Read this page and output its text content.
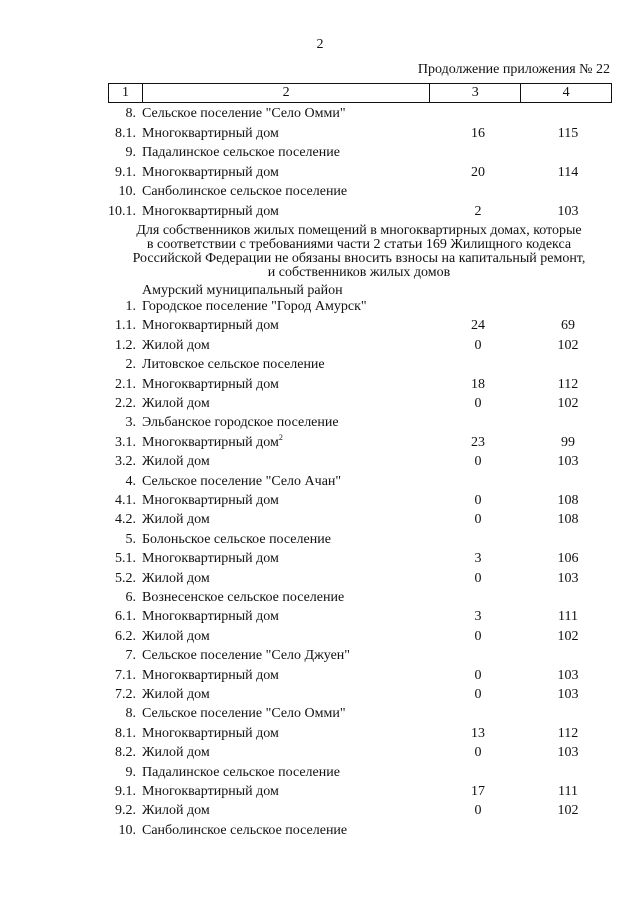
2
Продолжение приложения № 22
1	2	3	4
8. Сельское поселение "Село Омми"
8.1. Многоквартирный дом	16	115
9. Падалинское сельское поселение
9.1. Многоквартирный дом	20	114
10. Санболинское сельское поселение
10.1. Многоквартирный дом	2	103
Для собственников жилых помещений в многоквартирных домах, которые
в соответствии с требованиями части 2 статьи 169 Жилищного кодекса
Российской Федерации не обязаны вносить взносы на капитальный ремонт,
и собственников жилых домов
Амурский муниципальный район
1. Городское поселение "Город Амурск"
1.1. Многоквартирный дом	24	69
1.2. Жилой дом	0	102
2. Литовское сельское поселение
2.1. Многоквартирный дом	18	112
2.2. Жилой дом	0	102
3. Эльбанское городское поселение
3.1. Многоквартирный дом$^2$	23	99
3.2. Жилой дом	0	103
4. Сельское поселение "Село Ачан"
4.1. Многоквартирный дом	0	108
4.2. Жилой дом	0	108
5. Болоньское сельское поселение
5.1. Многоквартирный дом	3	106
5.2. Жилой дом	0	103
6. Вознесенское сельское поселение
6.1. Многоквартирный дом	3	111
6.2. Жилой дом	0	102
7. Сельское поселение "Село Джуен"
7.1. Многоквартирный дом	0	103
7.2. Жилой дом	0	103
8. Сельское поселение "Село Омми"
8.1. Многоквартирный дом	13	112
8.2. Жилой дом	0	103
9. Падалинское сельское поселение
9.1. Многоквартирный дом	17	111
9.2. Жилой дом	0	102
10. Санболинское сельское поселение
